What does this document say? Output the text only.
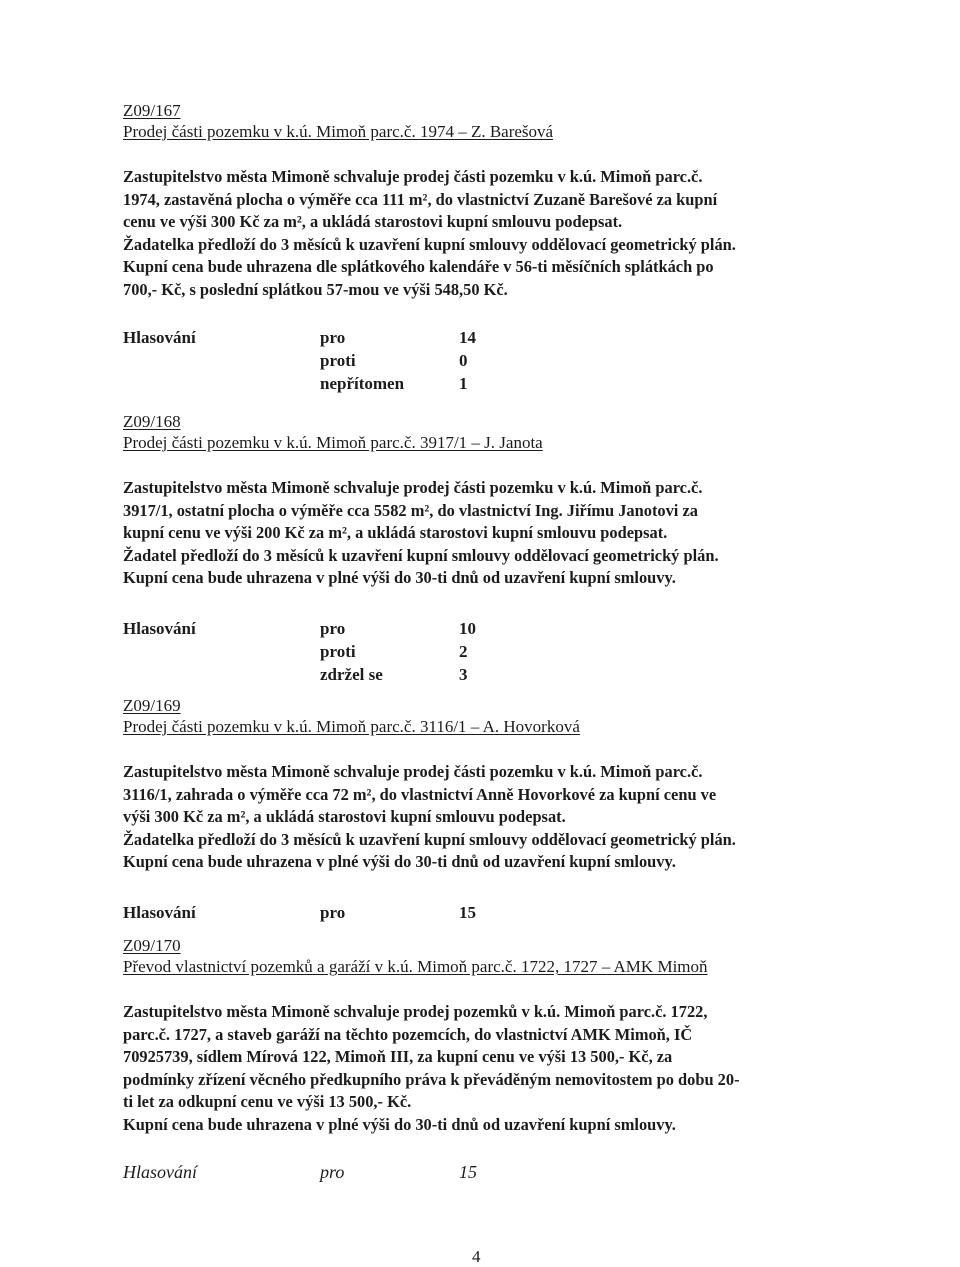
Z09/167
Prodej části pozemku v k.ú. Mimoň parc.č. 1974 – Z. Barešová

Zastupitelstvo města Mimoně schvaluje prodej části pozemku v k.ú. Mimoň parc.č.

1974, zastavěná plocha o výměře cca 111 m², do vlastnictví Zuzaně Barešové za kupní

cenu ve výši 300 Kč za m², a ukládá starostovi kupní smlouvu podepsat.

Žadatelka předloží do 3 měsíců k uzavření kupní smlouvy oddělovací geometrický plán.

Kupní cena bude uhrazena dle splátkového kalendáře v 56-ti měsíčních splátkách po

700,- Kč, s poslední splátkou 57-mou ve výši 548,50 Kč.

Hlasování	pro	14
proti	0
nepřítomen	1
Z09/168
Prodej části pozemku v k.ú. Mimoň parc.č. 3917/1 – J. Janota

Zastupitelstvo města Mimoně schvaluje prodej části pozemku v k.ú. Mimoň parc.č.

3917/1, ostatní plocha o výměře cca 5582 m², do vlastnictví Ing. Jiřímu Janotovi za

kupní cenu ve výši 200 Kč za m², a ukládá starostovi kupní smlouvu podepsat.

Žadatel předloží do 3 měsíců k uzavření kupní smlouvy oddělovací geometrický plán.

Kupní cena bude uhrazena v plné výši do 30-ti dnů od uzavření kupní smlouvy.

Hlasování	pro	10
proti	2
zdržel se	3
Z09/169
Prodej části pozemku v k.ú. Mimoň parc.č. 3116/1 – A. Hovorková

Zastupitelstvo města Mimoně schvaluje prodej části pozemku v k.ú. Mimoň parc.č.

3116/1, zahrada o výměře cca 72 m², do vlastnictví Anně Hovorkové za kupní cenu ve

výši 300 Kč za m², a ukládá starostovi kupní smlouvu podepsat.

Žadatelka předloží do 3 měsíců k uzavření kupní smlouvy oddělovací geometrický plán.

Kupní cena bude uhrazena v plné výši do 30-ti dnů od uzavření kupní smlouvy.

Hlasování	pro	15
Z09/170
Převod vlastnictví pozemků a garáží v k.ú. Mimoň parc.č. 1722, 1727 – AMK Mimoň

Zastupitelstvo města Mimoně schvaluje prodej pozemků v k.ú. Mimoň parc.č. 1722,

parc.č. 1727, a staveb garáží na těchto pozemcích, do vlastnictví AMK Mimoň, IČ

70925739, sídlem Mírová 122, Mimoň III, za kupní cenu ve výši 13 500,- Kč, za

podmínky zřízení věcného předkupního práva k převáděným nemovitostem po dobu 20-

ti let za odkupní cenu ve výši 13 500,- Kč.

Kupní cena bude uhrazena v plné výši do 30-ti dnů od uzavření kupní smlouvy.

Hlasování	pro	15
4
